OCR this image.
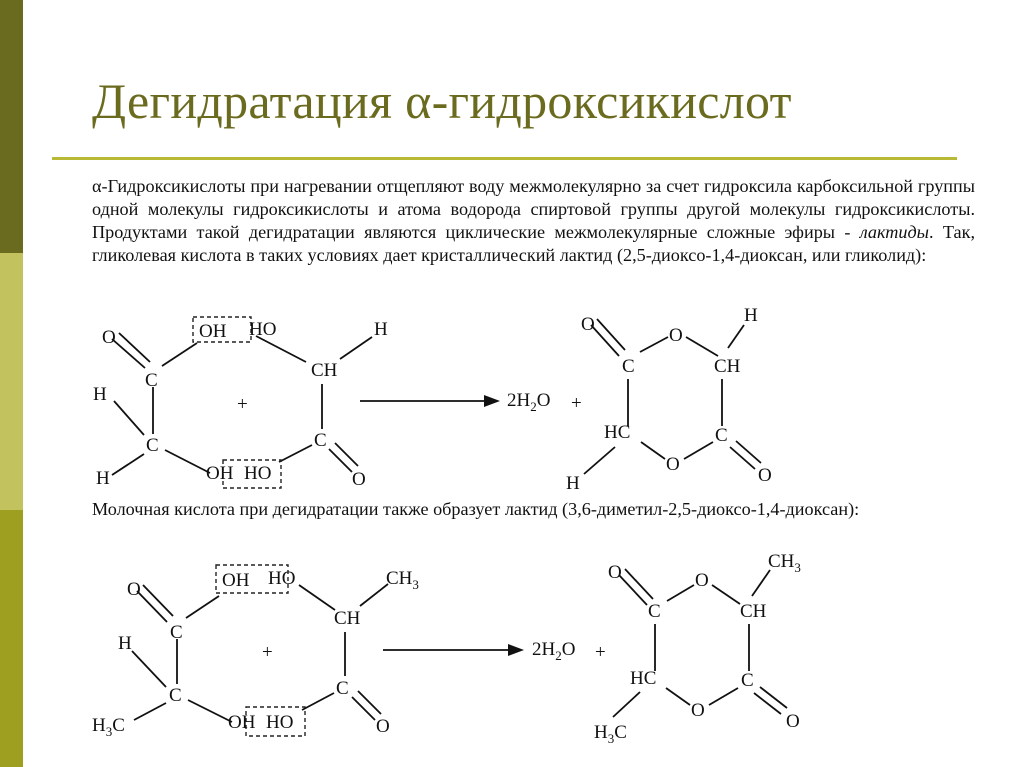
Дегидратация α-гидроксикислот

α-Гидроксикислоты при нагревании отщепляют воду межмолекулярно за счет гидроксила карбоксильной группы одной молекулы гидроксикислоты и атома водорода спиртовой группы другой молекулы гидроксикислоты. Продуктами такой дегидратации являются циклические межмолекулярные сложные эфиры - лактиды. Так, гликолевая кислота в таких условиях дает кристаллический лактид (2,5-диоксо-1,4-диоксан, или гликолид):

Молочная кислота при дегидратации также образует лактид (3,6-диметил-2,5-диоксо-1,4-диоксан):

O
C
H
C
H
OH HO	H
CH
+
C
OH HO	O
$2H_2O$ +
O
O
H
C	CH
HC	C
O
O
H
O
C
H
C
$H_3C$
OH HO	$CH_3$
CH
+
C
OH HO	O
$2H_2O$ +
O	O
$CH_3$
C	CH
HC	C
O
O
$H_3C$
